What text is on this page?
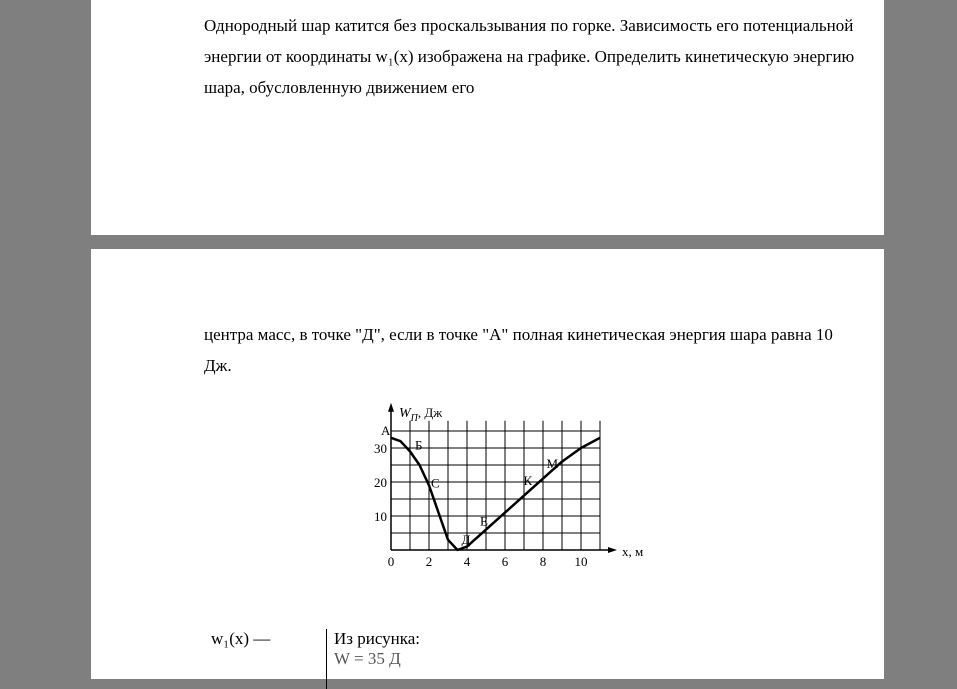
Однородный шар катится без проскальзывания по горке. Зависимость его потенциальной энергии от координаты w₁(x) изображена на графике. Определить кинетическую энергию шара, обусловленную движением его

центра масс, в точке "Д", если в точке "А" полная кинетическая энергия шара равна 10 Дж.

0 2 4 6 8 10
10
20
30
$W_П$, Дж
x, м
А
Б
С
Д
Е
К
М
w₁(x) —	Из рисунка:
W = 35 Д
